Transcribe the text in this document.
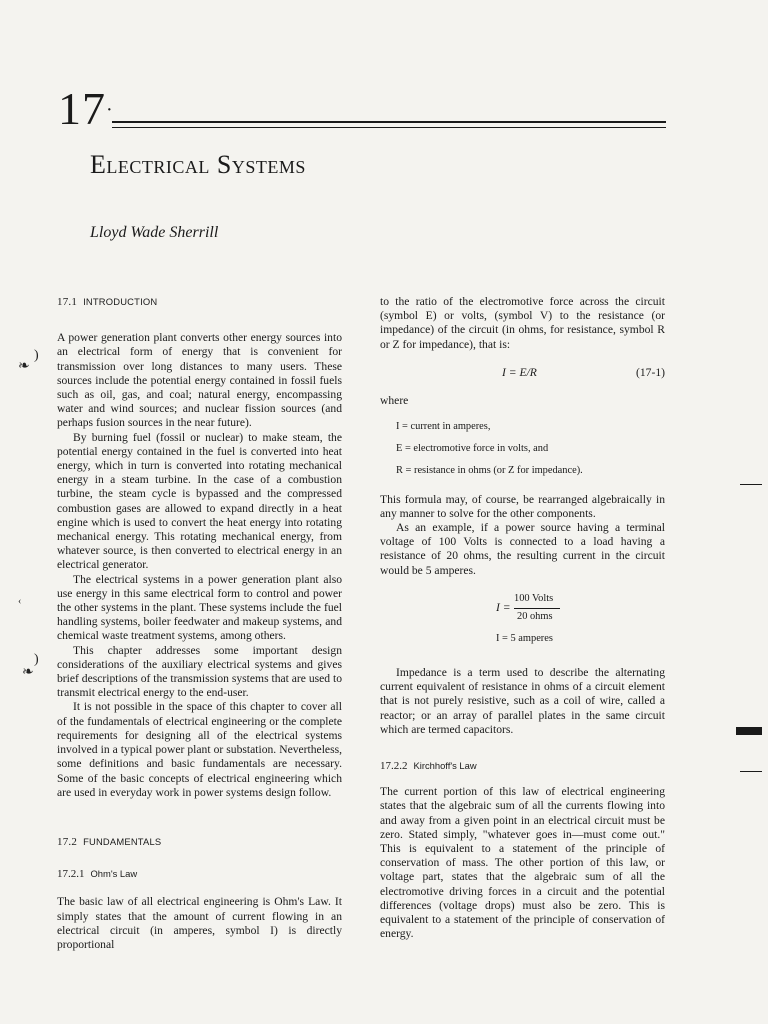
17·
Electrical Systems
Lloyd Wade Sherrill
17.1 INTRODUCTION

A power generation plant converts other energy sources into an electrical form of energy that is convenient for transmission over long distances to many users. These sources include the potential energy contained in fossil fuels such as oil, gas, and coal; natural energy, encompassing water and wind sources; and nuclear fission sources (and perhaps fusion sources in the near future).

By burning fuel (fossil or nuclear) to make steam, the potential energy contained in the fuel is converted into heat energy, which in turn is converted into rotating mechanical energy in a steam turbine. In the case of a combustion turbine, the steam cycle is bypassed and the compressed combustion gases are allowed to expand directly in a heat engine which is used to convert the heat energy into rotating mechanical energy. This rotating mechanical energy, from whatever source, is then converted to electrical energy in an electrical generator.

The electrical systems in a power generation plant also use energy in this same electrical form to control and power the other systems in the plant. These systems include the fuel handling systems, boiler feedwater and makeup systems, and chemical waste treatment systems, among others.

This chapter addresses some important design considerations of the auxiliary electrical systems and gives brief descriptions of the transmission systems that are used to transmit electrical energy to the end-user.

It is not possible in the space of this chapter to cover all of the fundamentals of electrical engineering or the complete requirements for designing all of the electrical systems involved in a typical power plant or substation. Nevertheless, some definitions and basic fundamentals are necessary. Some of the basic concepts of electrical engineering which are used in everyday work in power systems design follow.

17.2 FUNDAMENTALS
17.2.1 Ohm's Law

The basic law of all electrical engineering is Ohm's Law. It simply states that the amount of current flowing in an electrical circuit (in amperes, symbol I) is directly proportional

to the ratio of the electromotive force across the circuit (symbol E) or volts, (symbol V) to the resistance (or impedance) of the circuit (in ohms, for resistance, symbol R or Z for impedance), that is:

I = E/R	(17-1)

where

I = current in amperes,

E = electromotive force in volts, and

R = resistance in ohms (or Z for impedance).

This formula may, of course, be rearranged algebraically in any manner to solve for the other components.

As an example, if a power source having a terminal voltage of 100 Volts is connected to a load having a resistance of 20 ohms, the resulting current in the circuit would be 5 amperes.

I =
100 Volts
20 ohms

I = 5 amperes

Impedance is a term used to describe the alternating current equivalent of resistance in ohms of a circuit element that is not purely resistive, such as a coil of wire, called a reactor; or an array of parallel plates in the same circuit which are termed capacitors.

17.2.2 Kirchhoff's Law

The current portion of this law of electrical engineering states that the algebraic sum of all the currents flowing into and away from a given point in an electrical circuit must be zero. Stated simply, "whatever goes in—must come out." This is equivalent to a statement of the principle of conservation of mass. The other portion of this law, or voltage part, states that the algebraic sum of all the electromotive driving forces in a circuit and the potential differences (voltage drops) must also be zero. This is equivalent to a statement of the principle of conservation of energy.

❧
)
❧
)
‹
